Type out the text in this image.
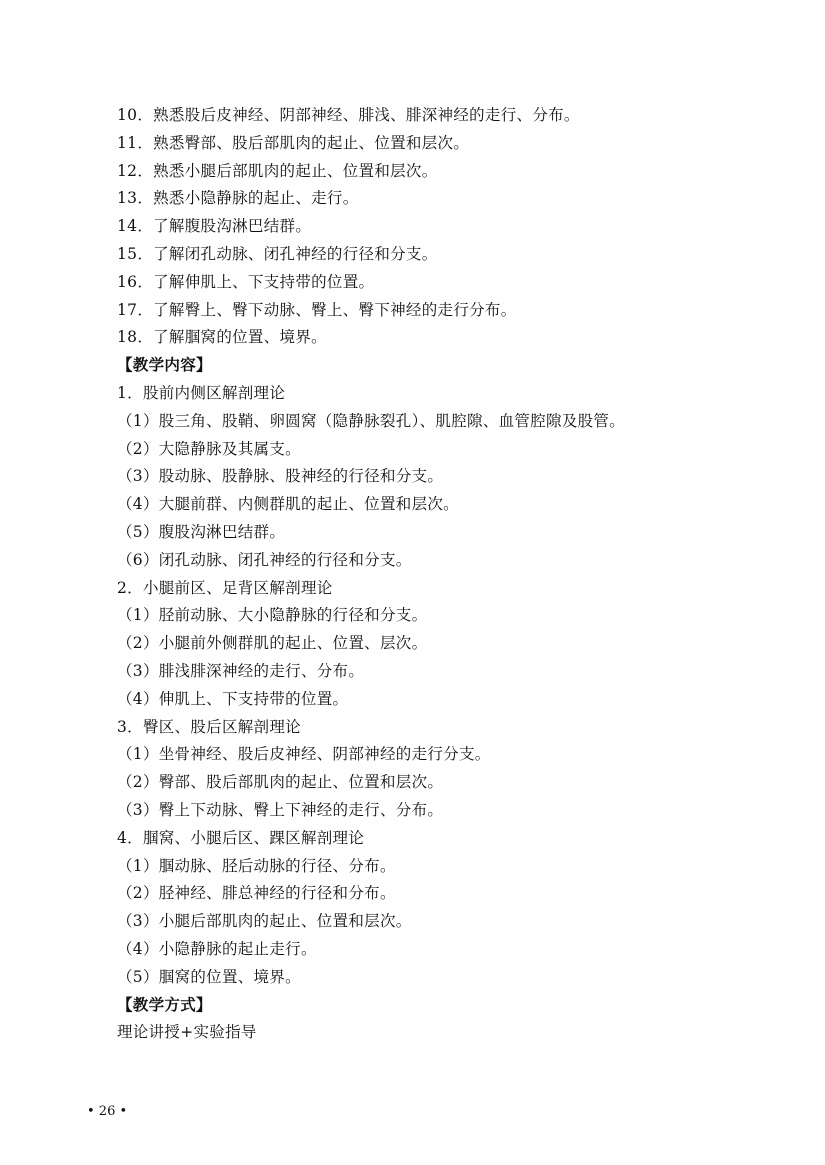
10．熟悉股后皮神经、阴部神经、腓浅、腓深神经的走行、分布。
11．熟悉臀部、股后部肌肉的起止、位置和层次。
12．熟悉小腿后部肌肉的起止、位置和层次。
13．熟悉小隐静脉的起止、走行。
14．了解腹股沟淋巴结群。
15．了解闭孔动脉、闭孔神经的行径和分支。
16．了解伸肌上、下支持带的位置。
17．了解臀上、臀下动脉、臀上、臀下神经的走行分布。
18．了解腘窝的位置、境界。
【教学内容】
1．股前内侧区解剖理论
（1）股三角、股鞘、卵圆窝（隐静脉裂孔）、肌腔隙、血管腔隙及股管。
（2）大隐静脉及其属支。
（3）股动脉、股静脉、股神经的行径和分支。
（4）大腿前群、内侧群肌的起止、位置和层次。
（5）腹股沟淋巴结群。
（6）闭孔动脉、闭孔神经的行径和分支。
2．小腿前区、足背区解剖理论
（1）胫前动脉、大小隐静脉的行径和分支。
（2）小腿前外侧群肌的起止、位置、层次。
（3）腓浅腓深神经的走行、分布。
（4）伸肌上、下支持带的位置。
3．臀区、股后区解剖理论
（1）坐骨神经、股后皮神经、阴部神经的走行分支。
（2）臀部、股后部肌肉的起止、位置和层次。
（3）臀上下动脉、臀上下神经的走行、分布。
4．腘窝、小腿后区、踝区解剖理论
（1）腘动脉、胫后动脉的行径、分布。
（2）胫神经、腓总神经的行径和分布。
（3）小腿后部肌肉的起止、位置和层次。
（4）小隐静脉的起止走行。
（5）腘窝的位置、境界。
【教学方式】
理论讲授+实验指导
• 26 •
